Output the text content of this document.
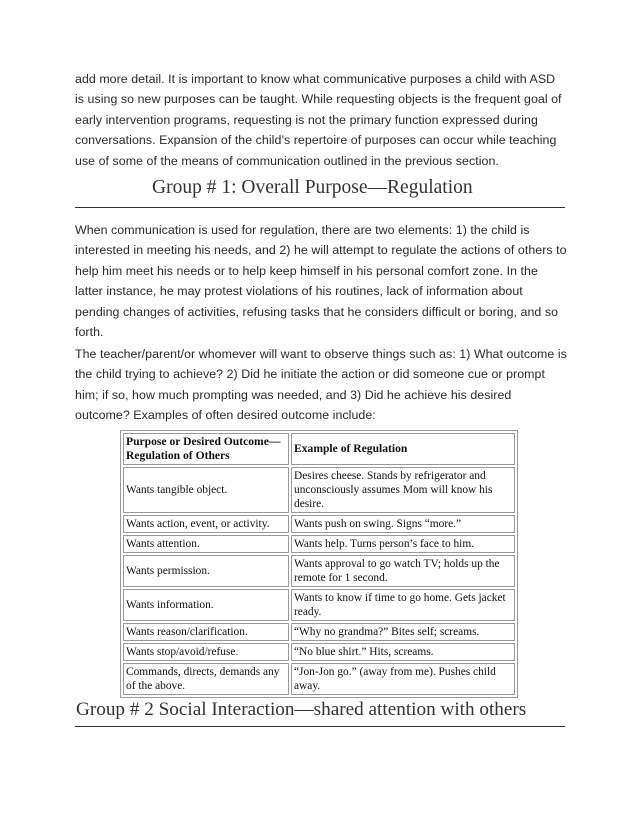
add more detail. It is important to know what communicative purposes a child with ASD is using so new purposes can be taught. While requesting objects is the frequent goal of early intervention programs, requesting is not the primary function expressed during conversations. Expansion of the child’s repertoire of purposes can occur while teaching use of some of the means of communication outlined in the previous section.

Group # 1: Overall Purpose—Regulation

When communication is used for regulation, there are two elements: 1) the child is interested in meeting his needs, and 2) he will attempt to regulate the actions of others to help him meet his needs or to help keep himself in his personal comfort zone. In the latter instance, he may protest violations of his routines, lack of information about pending changes of activities, refusing tasks that he considers difficult or boring, and so forth.

The teacher/parent/or whomever will want to observe things such as: 1) What outcome is the child trying to achieve? 2) Did he initiate the action or did someone cue or prompt him; if so, how much prompting was needed, and 3) Did he achieve his desired outcome? Examples of often desired outcome include:

Purpose or Desired Outcome—Regulation of Others	Example of Regulation
Wants tangible object.	Desires cheese. Stands by refrigerator and unconsciously assumes Mom will know his desire.
Wants action, event, or activity.	Wants push on swing. Signs “more.”
Wants attention.	Wants help. Turns person’s face to him.
Wants permission.	Wants approval to go watch TV; holds up the remote for 1 second.
Wants information.	Wants to know if time to go home. Gets jacket ready.
Wants reason/clarification.	“Why no grandma?” Bites self; screams.
Wants stop/avoid/refuse.	“No blue shirt.” Hits, screams.
Commands, directs, demands any of the above.	“Jon-Jon go.” (away from me). Pushes child away.
Group # 2 Social Interaction—shared attention with others
